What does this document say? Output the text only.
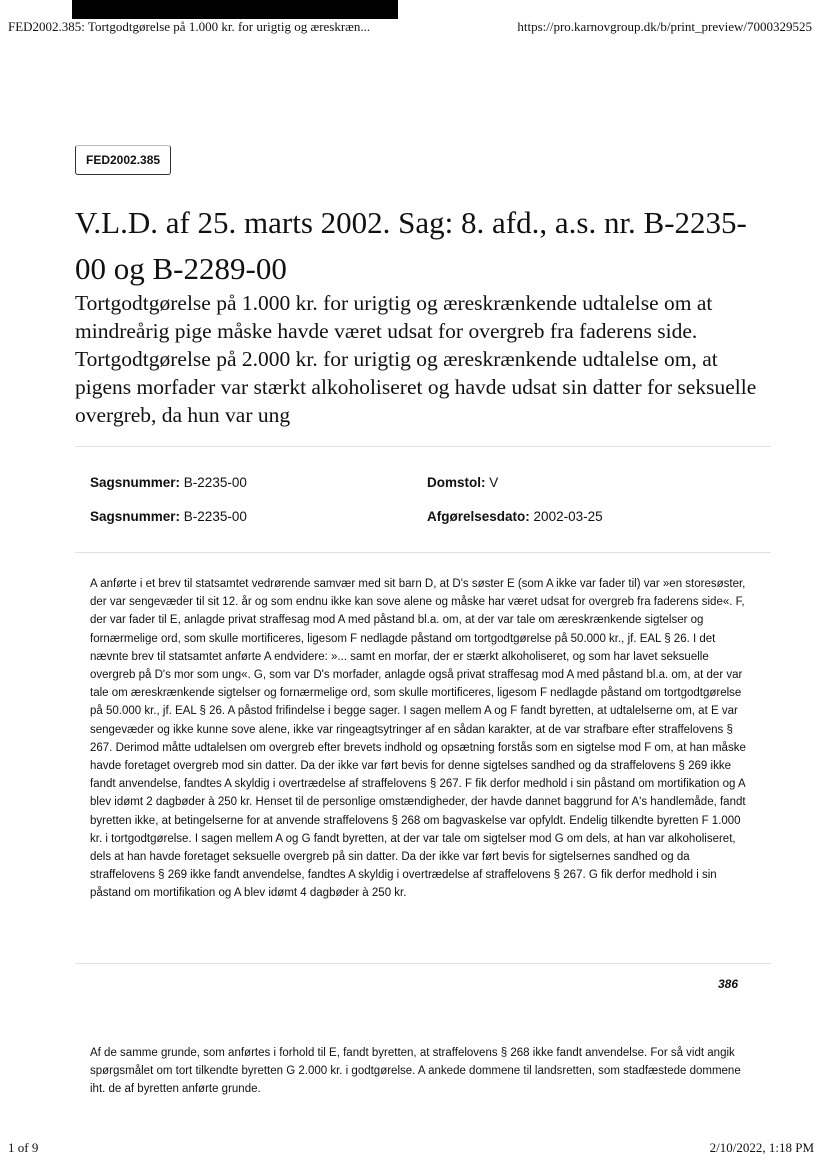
FED2002.385: Tortgodtgørelse på 1.000 kr. for urigtig og æreskræn...	https://pro.karnovgroup.dk/b/print_preview/7000329525
FED2002.385
V.L.D. af 25. marts 2002. Sag: 8. afd., a.s. nr. B-2235-00 og B-2289-00
Tortgodtgørelse på 1.000 kr. for urigtig og æreskrænkende udtalelse om at mindreårig pige måske havde været udsat for overgreb fra faderens side. Tortgodtgørelse på 2.000 kr. for urigtig og æreskrænkende udtalelse om, at pigens morfader var stærkt alkoholiseret og havde udsat sin datter for seksuelle overgreb, da hun var ung
Sagsnummer: B-2235-00	Domstol: V
Sagsnummer: B-2235-00	Afgørelsesdato: 2002-03-25
A anførte i et brev til statsamtet vedrørende samvær med sit barn D, at D's søster E (som A ikke var fader til) var »en storesøster, der var sengevæder til sit 12. år og som endnu ikke kan sove alene og måske har været udsat for overgreb fra faderens side«. F, der var fader til E, anlagde privat straffesag mod A med påstand bl.a. om, at der var tale om æreskrænkende sigtelser og fornærmelige ord, som skulle mortificeres, ligesom F nedlagde påstand om tortgodtgørelse på 50.000 kr., jf. EAL § 26. I det nævnte brev til statsamtet anførte A endvidere: »... samt en morfar, der er stærkt alkoholiseret, og som har lavet seksuelle overgreb på D's mor som ung«. G, som var D's morfader, anlagde også privat straffesag mod A med påstand bl.a. om, at der var tale om æreskrænkende sigtelser og fornærmelige ord, som skulle mortificeres, ligesom F nedlagde påstand om tortgodtgørelse på 50.000 kr., jf. EAL § 26. A påstod frifindelse i begge sager. I sagen mellem A og F fandt byretten, at udtalelserne om, at E var sengevæder og ikke kunne sove alene, ikke var ringeagtsytringer af en sådan karakter, at de var strafbare efter straffelovens § 267. Derimod måtte udtalelsen om overgreb efter brevets indhold og opsætning forstås som en sigtelse mod F om, at han måske havde foretaget overgreb mod sin datter. Da der ikke var ført bevis for denne sigtelses sandhed og da straffelovens § 269 ikke fandt anvendelse, fandtes A skyldig i overtrædelse af straffelovens § 267. F fik derfor medhold i sin påstand om mortifikation og A blev idømt 2 dagbøder à 250 kr. Henset til de personlige omstændigheder, der havde dannet baggrund for A's handlemåde, fandt byretten ikke, at betingelserne for at anvende straffelovens § 268 om bagvaskelse var opfyldt. Endelig tilkendte byretten F 1.000 kr. i tortgodtgørelse. I sagen mellem A og G fandt byretten, at der var tale om sigtelser mod G om dels, at han var alkoholiseret, dels at han havde foretaget seksuelle overgreb på sin datter. Da der ikke var ført bevis for sigtelsernes sandhed og da straffelovens § 269 ikke fandt anvendelse, fandtes A skyldig i overtrædelse af straffelovens § 267. G fik derfor medhold i sin påstand om mortifikation og A blev idømt 4 dagbøder à 250 kr.
386
Af de samme grunde, som anførtes i forhold til E, fandt byretten, at straffelovens § 268 ikke fandt anvendelse. For så vidt angik spørgsmålet om tort tilkendte byretten G 2.000 kr. i godtgørelse. A ankede dommene til landsretten, som stadfæstede dommene iht. de af byretten anførte grunde.
1 of 9	2/10/2022, 1:18 PM
